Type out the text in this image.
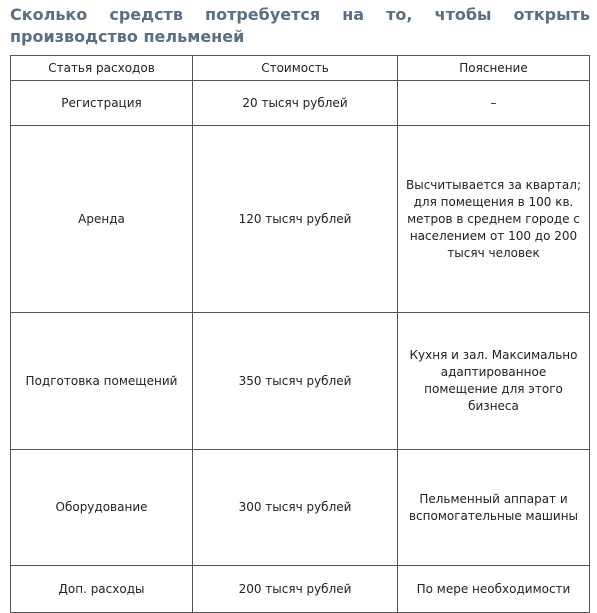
Сколько средств потребуется на то, чтобы открыть производство пельменей
Статья расходов	Стоимость	Пояснение
Регистрация	20 тысяч рублей	–
Аренда	120 тысяч рублей	Высчитывается за квартал; для помещения в 100 кв. метров в среднем городе с населением от 100 до 200 тысяч человек
Подготовка помещений	350 тысяч рублей	Кухня и зал. Максимально адаптированное помещение для этого бизнеса
Оборудование	300 тысяч рублей	Пельменный аппарат и вспомогательные машины
Доп. расходы	200 тысяч рублей	По мере необходимости
